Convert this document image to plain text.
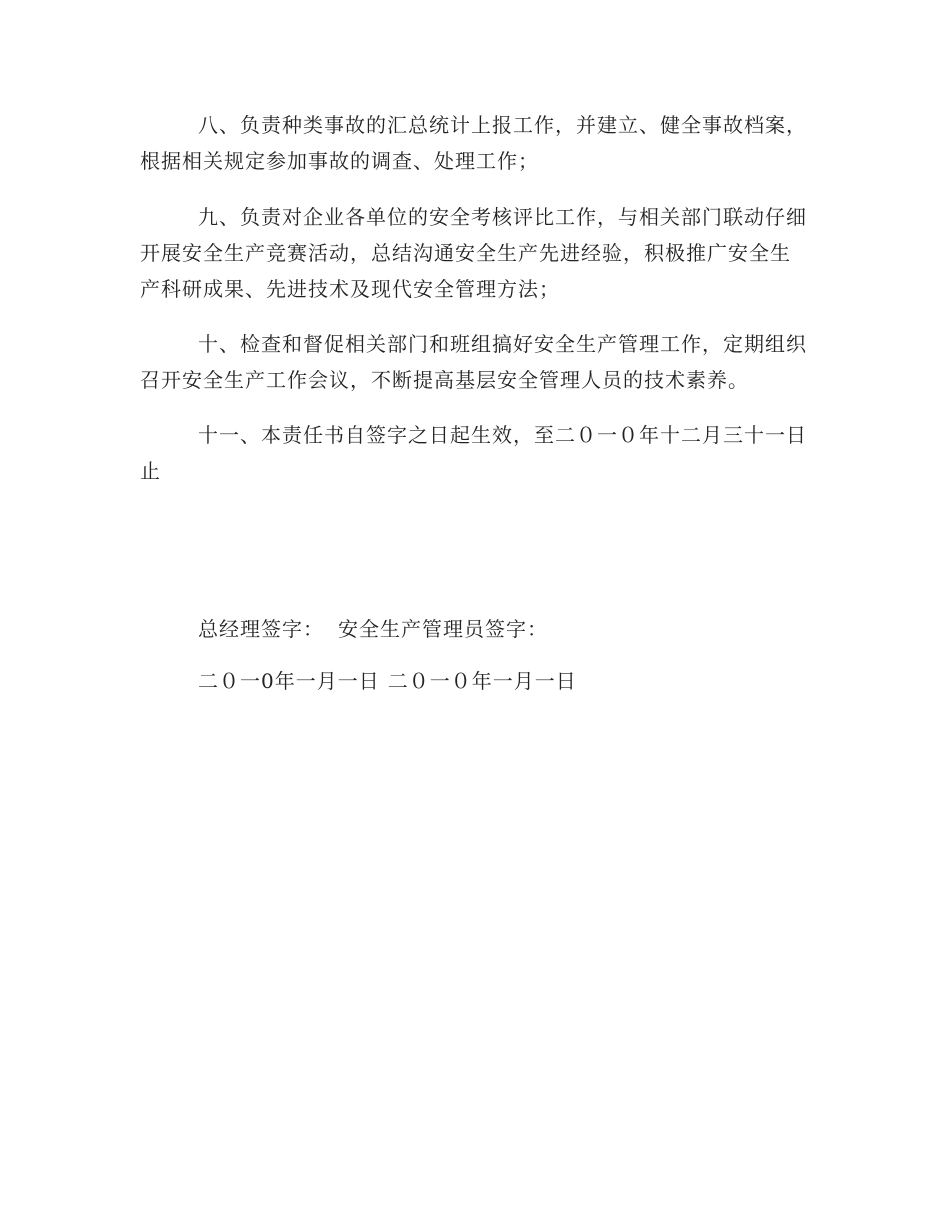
八、负责种类事故的汇总统计上报工作，并建立、健全事故档案，根据相关规定参加事故的调查、处理工作；

九、负责对企业各单位的安全考核评比工作，与相关部门联动仔细开展安全生产竞赛活动，总结沟通安全生产先进经验，积极推广安全生产科研成果、先进技术及现代安全管理方法；

十、检查和督促相关部门和班组搞好安全生产管理工作，定期组织召开安全生产工作会议，不断提高基层安全管理人员的技术素养。

十一、本责任书自签字之日起生效，至二０一０年十二月三十一日止

总经理签字： 安全生产管理员签字：
二０一0年一月一日 二０一０年一月一日
